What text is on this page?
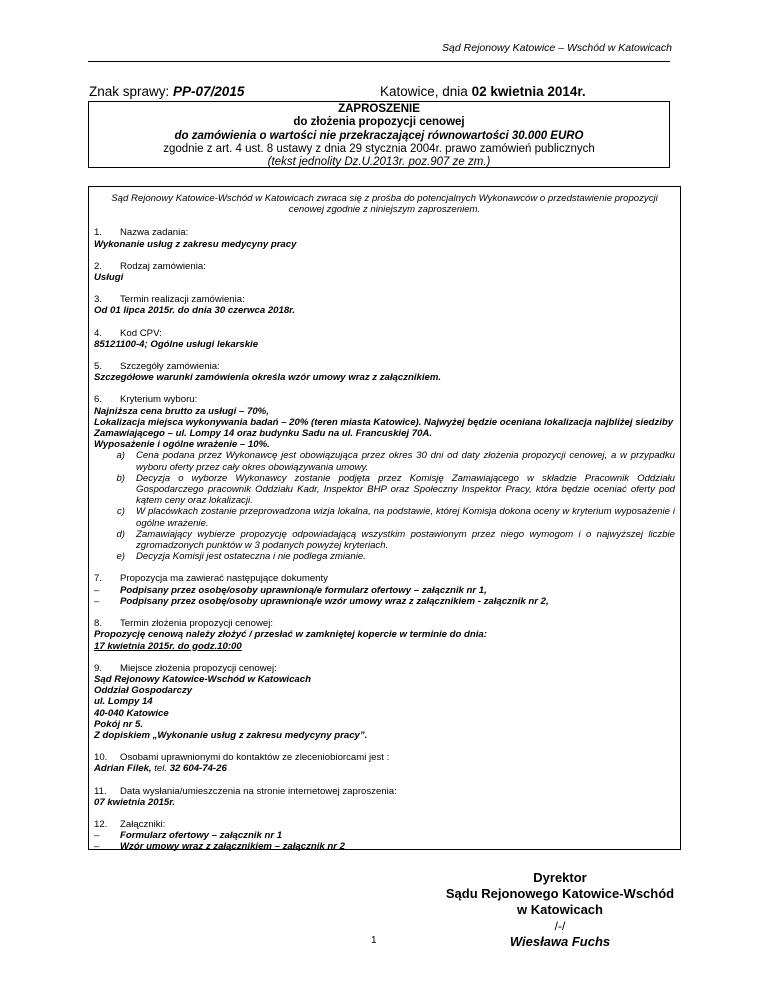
Sąd Rejonowy Katowice – Wschód w Katowicach
Znak sprawy: PP-07/2015	Katowice, dnia 02 kwietnia 2014r.
ZAPROSZENIE
do złożenia propozycji cenowej
do zamówienia o wartości nie przekraczającej równowartości 30.000 EURO
zgodnie z art. 4 ust. 8 ustawy z dnia 29 stycznia 2004r. prawo zamówień publicznych
(tekst jednolity Dz.U.2013r. poz.907 ze zm.)
Sąd Rejonowy Katowice-Wschód w Katowicach zwraca się z prośba do potencjalnych Wykonawców o przedstawienie propozycji cenowej zgodnie z niniejszym zaproszeniem.

1. Nazwa zadania:

Wykonanie usług z zakresu medycyny pracy

2. Rodzaj zamówienia:

Usługi

3. Termin realizacji zamówienia:

Od 01 lipca 2015r. do dnia 30 czerwca 2018r.

4. Kod CPV:

85121100-4; Ogólne usługi lekarskie

5. Szczegóły zamówienia:

Szczegółowe warunki zamówienia określa wzór umowy wraz z załącznikiem.

6. Kryterium wyboru:

Najniższa cena brutto za usługi – 70%,

Lokalizacja miejsca wykonywania badań – 20% (teren miasta Katowice). Najwyżej będzie oceniana lokalizacja najbliżej siedziby Zamawiającego – ul. Lompy 14 oraz budynku Sadu na ul. Francuskiej 70A.

Wyposażenie i ogólne wrażenie – 10%.

a)	Cena podana przez Wykonawcę jest obowiązująca przez okres 30 dni od daty złożenia propozycji cenowej, a w przypadku wyboru oferty przez cały okres obowiązywania umowy.
b)	Decyzja o wyborze Wykonawcy zostanie podjęta przez Komisję Zamawiającego w składzie Pracownik Oddziału Gospodarczego pracownik Oddziału Kadr, Inspektor BHP oraz Społeczny Inspektor Pracy, która będzie oceniać oferty pod kątem ceny oraz lokalizacji.
c)	W placówkach zostanie przeprowadzona wizja lokalna, na podstawie, której Komisja dokona oceny w kryterium wyposażenie i ogólne wrażenie.
d)	Zamawiający wybierze propozycję odpowiadającą wszystkim postawionym przez niego wymogom i o najwyższej liczbie zgromadzonych punktów w 3 podanych powyżej kryteriach.
e)	Decyzja Komisji jest ostateczna i nie podlega zmianie.

7. Propozycja ma zawierać następujące dokumenty

–	Podpisany przez osobę/osoby uprawnioną/e formularz ofertowy – załącznik nr 1,
–	Podpisany przez osobę/osoby uprawnioną/e wzór umowy wraz z załącznikiem - załącznik nr 2,

8. Termin złożenia propozycji cenowej:

Propozycję cenową należy złożyć / przesłać w zamkniętej kopercie w terminie do dnia:

17 kwietnia 2015r. do godz.10:00

9. Miejsce złożenia propozycji cenowej:

Sąd Rejonowy Katowice-Wschód w Katowicach

Oddział Gospodarczy

ul. Lompy 14

40-040 Katowice

Pokój nr 5.

Z dopiskiem „Wykonanie usług z zakresu medycyny pracy”.

10. Osobami uprawnionymi do kontaktów ze zleceniobiorcami jest :

Adrian Filek, tel. 32 604-74-26

11. Data wysłania/umieszczenia na stronie internetowej zaproszenia:

07 kwietnia 2015r.

12. Załączniki:

–	Formularz ofertowy – załącznik nr 1
–	Wzór umowy wraz z załącznikiem – załącznik nr 2
Dyrektor
Sądu Rejonowego Katowice-Wschód
w Katowicach
/-/
Wiesława Fuchs
1
